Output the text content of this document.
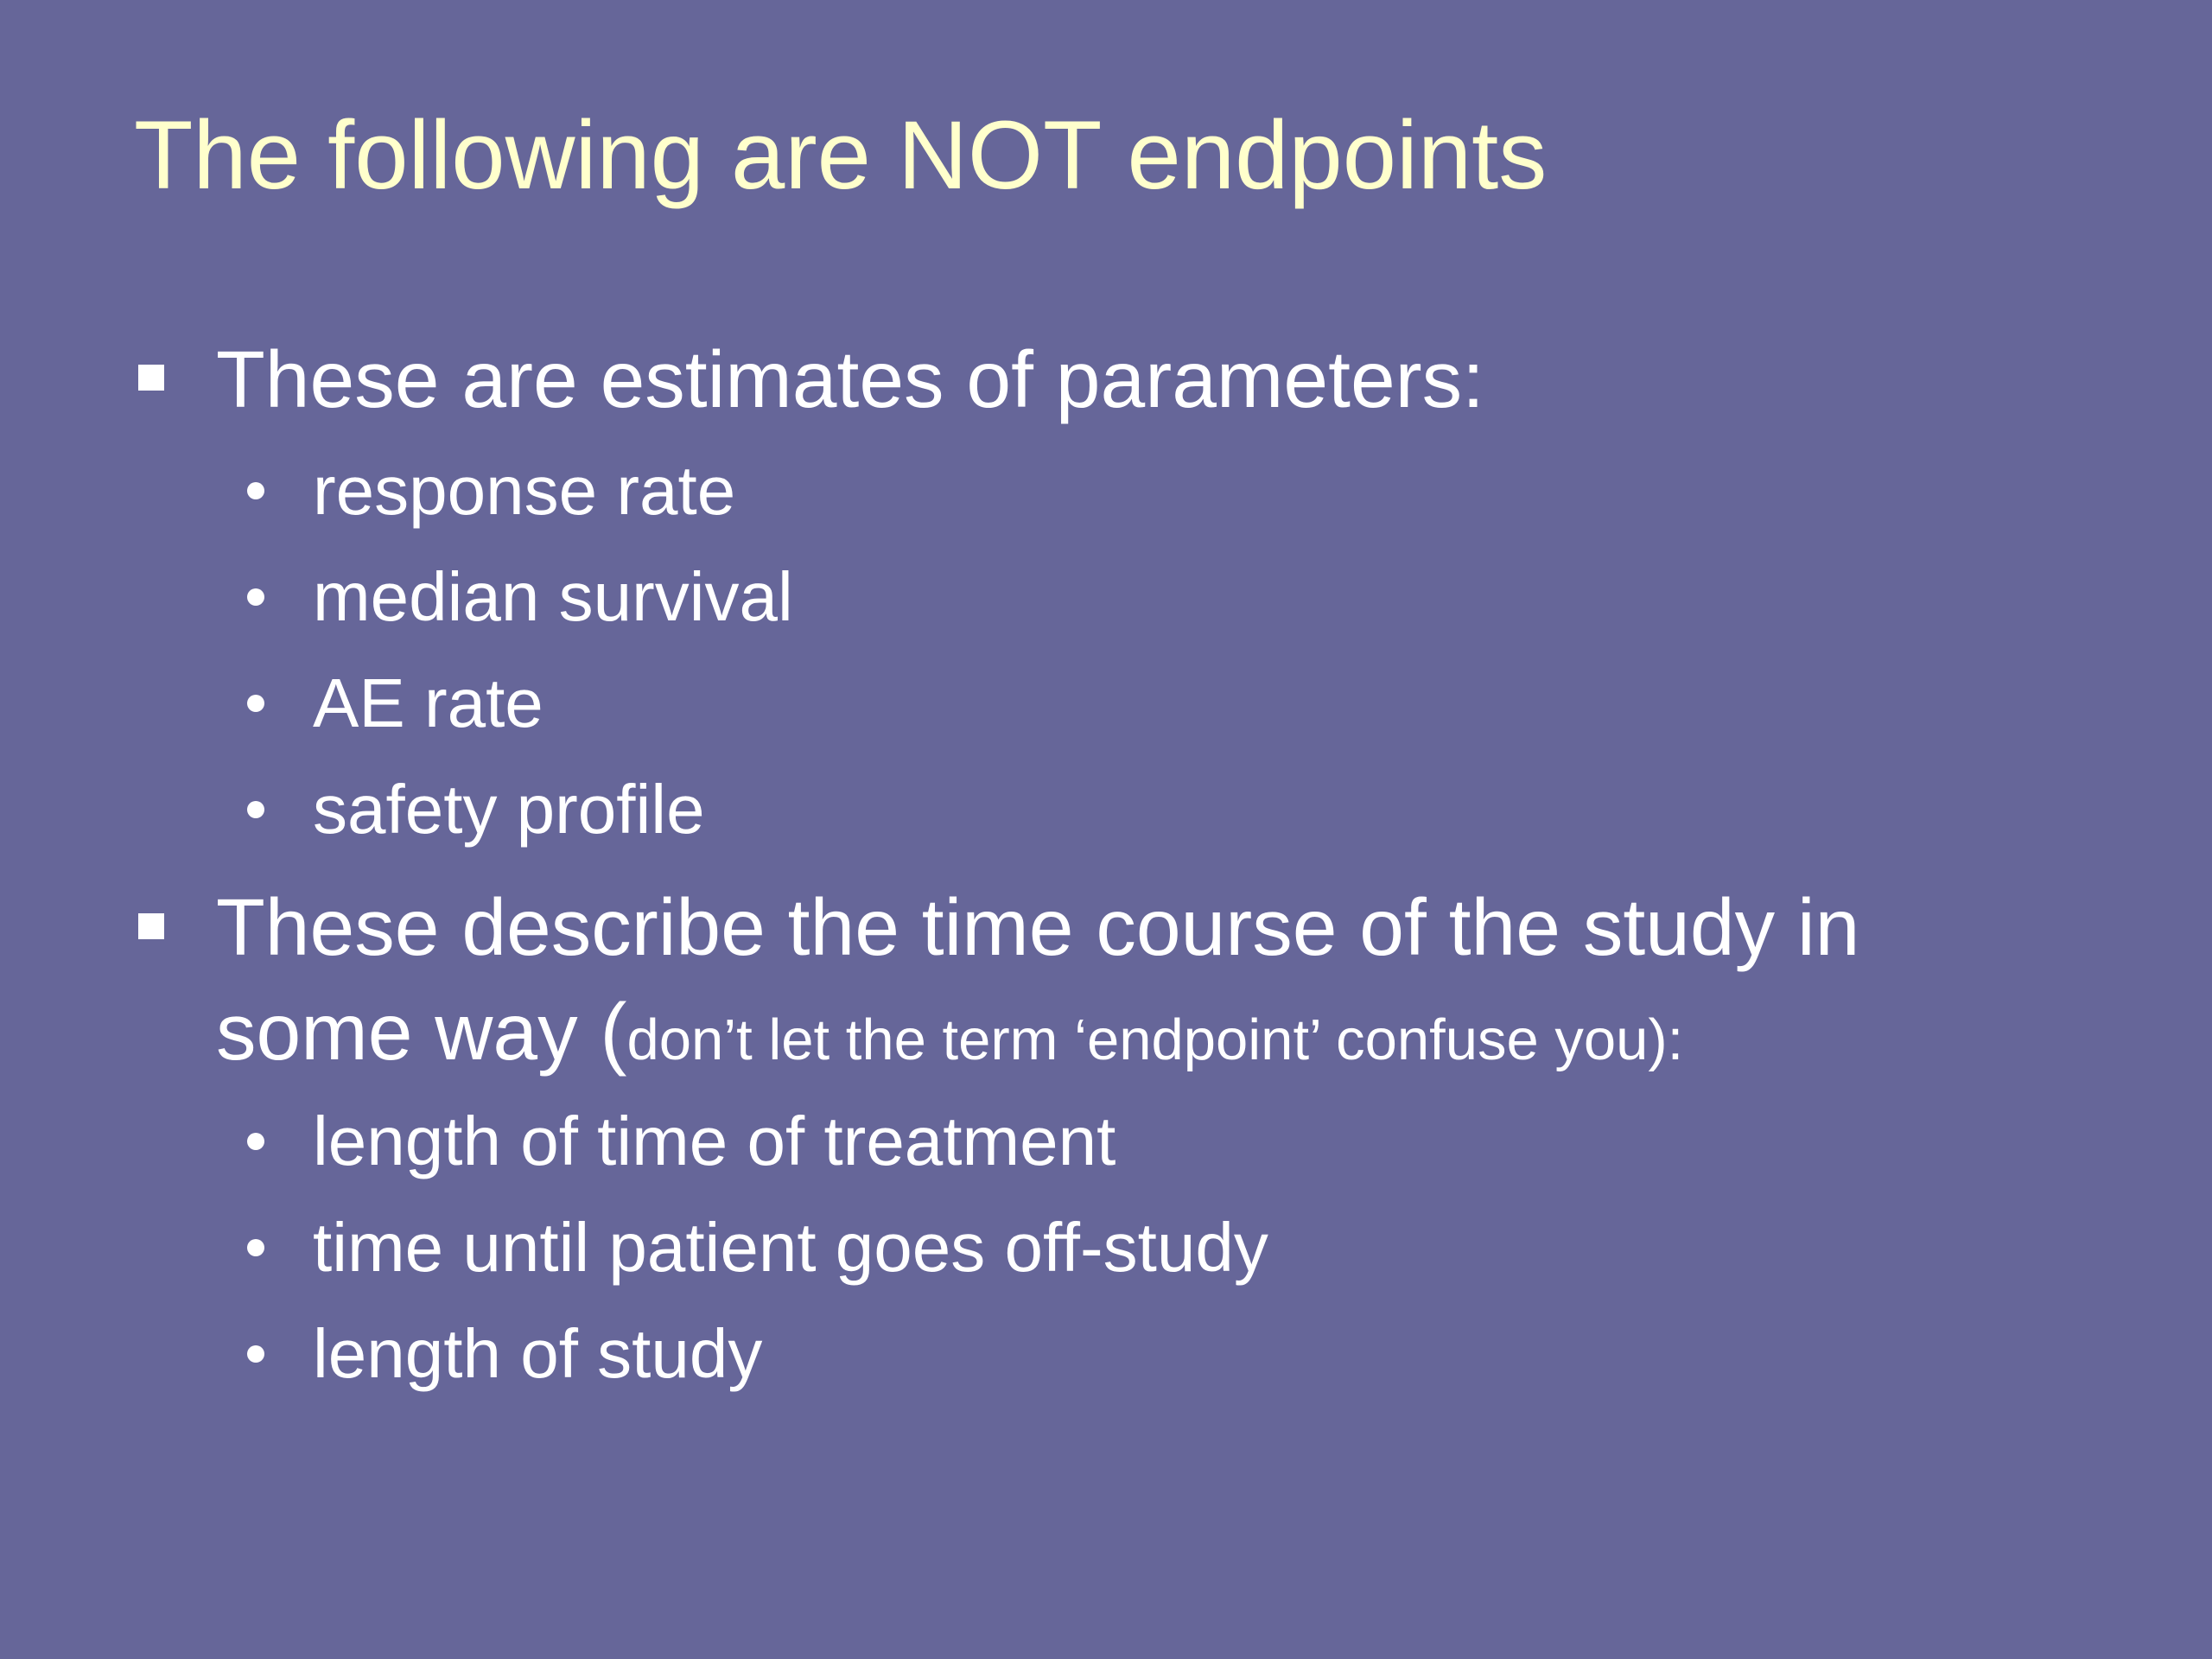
The following are NOT endpoints
These are estimates of parameters:
response rate
median survival
AE rate
safety profile
These describe the time course of the study in
some way (don’t let the term ‘endpoint’ confuse you):
length of time of treatment
time until patient goes off-study
length of study
